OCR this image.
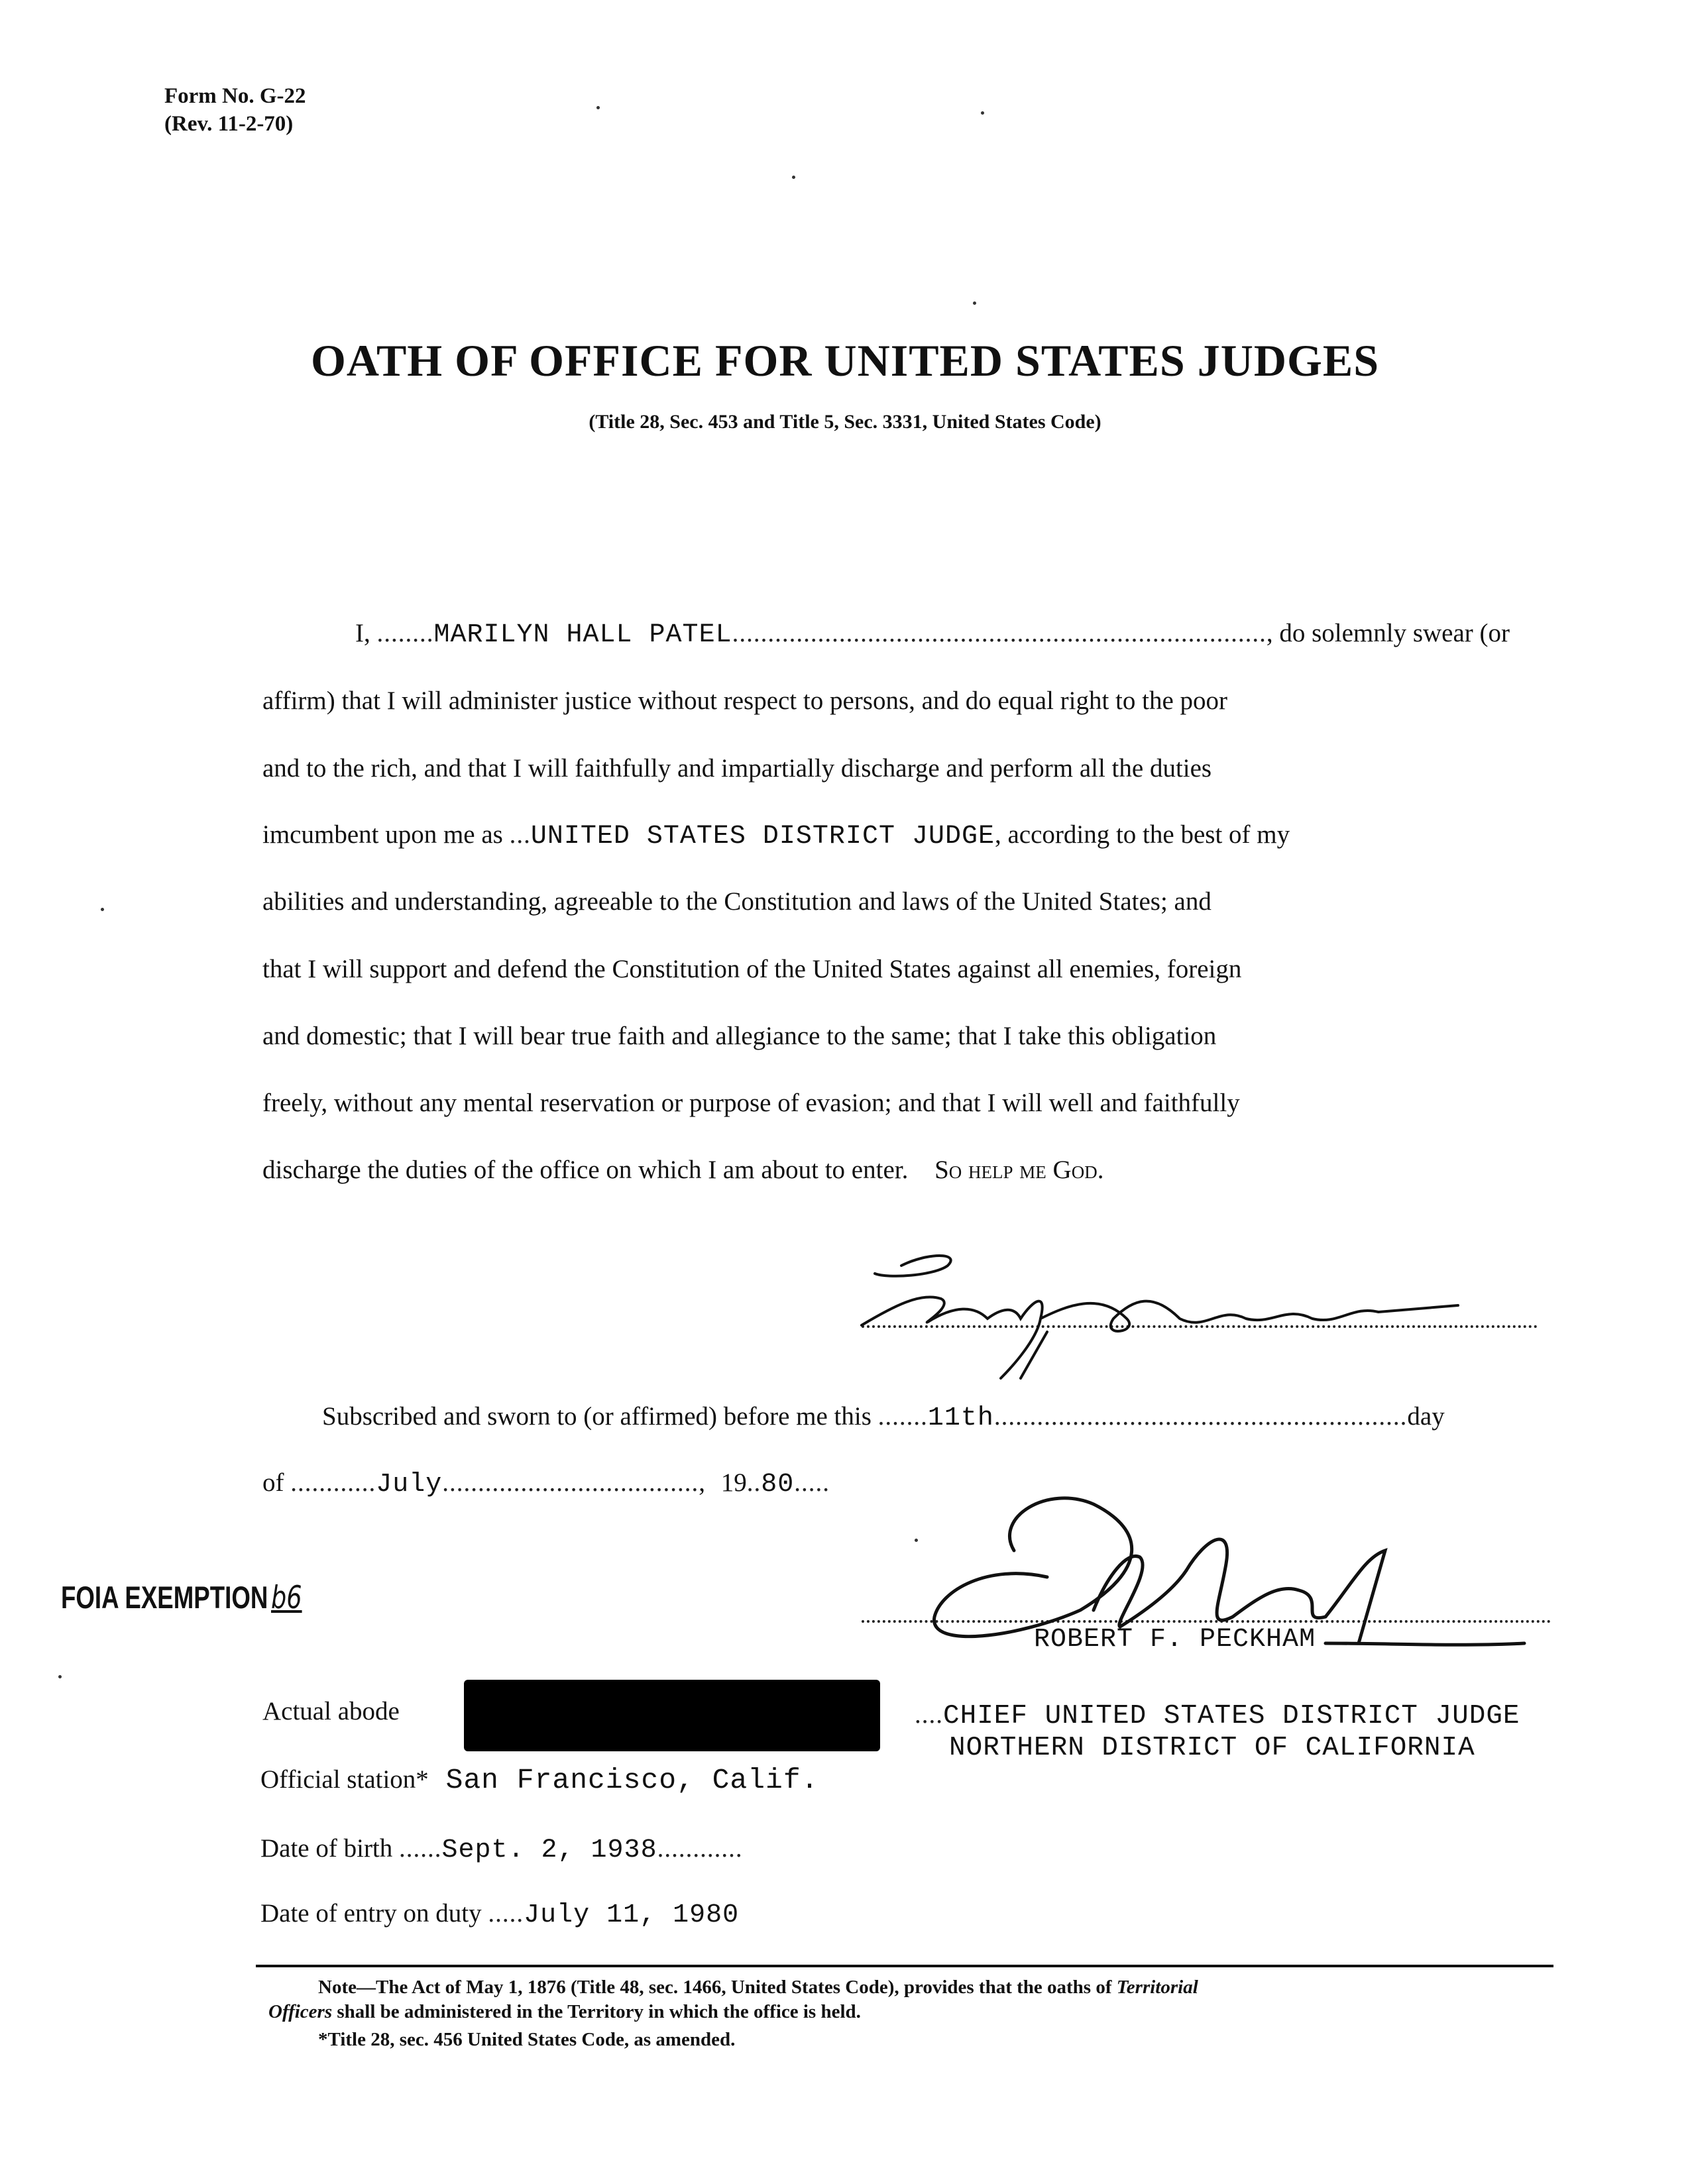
Form No. G-22
(Rev. 11-2-70)
OATH OF OFFICE FOR UNITED STATES JUDGES
(Title 28, Sec. 453 and Title 5, Sec. 3331, United States Code)
I, ........MARILYN HALL PATEL..........................................................................., do solemnly swear (or
affirm) that I will administer justice without respect to persons, and do equal right to the poor
and to the rich, and that I will faithfully and impartially discharge and perform all the duties
imcumbent upon me as ...UNITED STATES DISTRICT JUDGE, according to the best of my
abilities and understanding, agreeable to the Constitution and laws of the United States; and
that I will support and defend the Constitution of the United States against all enemies, foreign
and domestic; that I will bear true faith and allegiance to the same; that I take this obligation
freely, without any mental reservation or purpose of evasion; and that I will well and faithfully
discharge the duties of the office on which I am about to enter. So help me God.
Subscribed and sworn to (or affirmed) before me this .......11th..........................................................day
of ............July...................................., 19..80.....
FOIA EXEMPTIONb6
ROBERT F. PECKHAM
Actual abode	....CHIEF UNITED STATES DISTRICT JUDGE
NORTHERN DISTRICT OF CALIFORNIA
Official station* San Francisco, Calif.
Date of birth ......Sept. 2, 1938............
Date of entry on duty .....July 11, 1980
Note—The Act of May 1, 1876 (Title 48, sec. 1466, United States Code), provides that the oaths of Territorial
Officers shall be administered in the Territory in which the office is held.
*Title 28, sec. 456 United States Code, as amended.
